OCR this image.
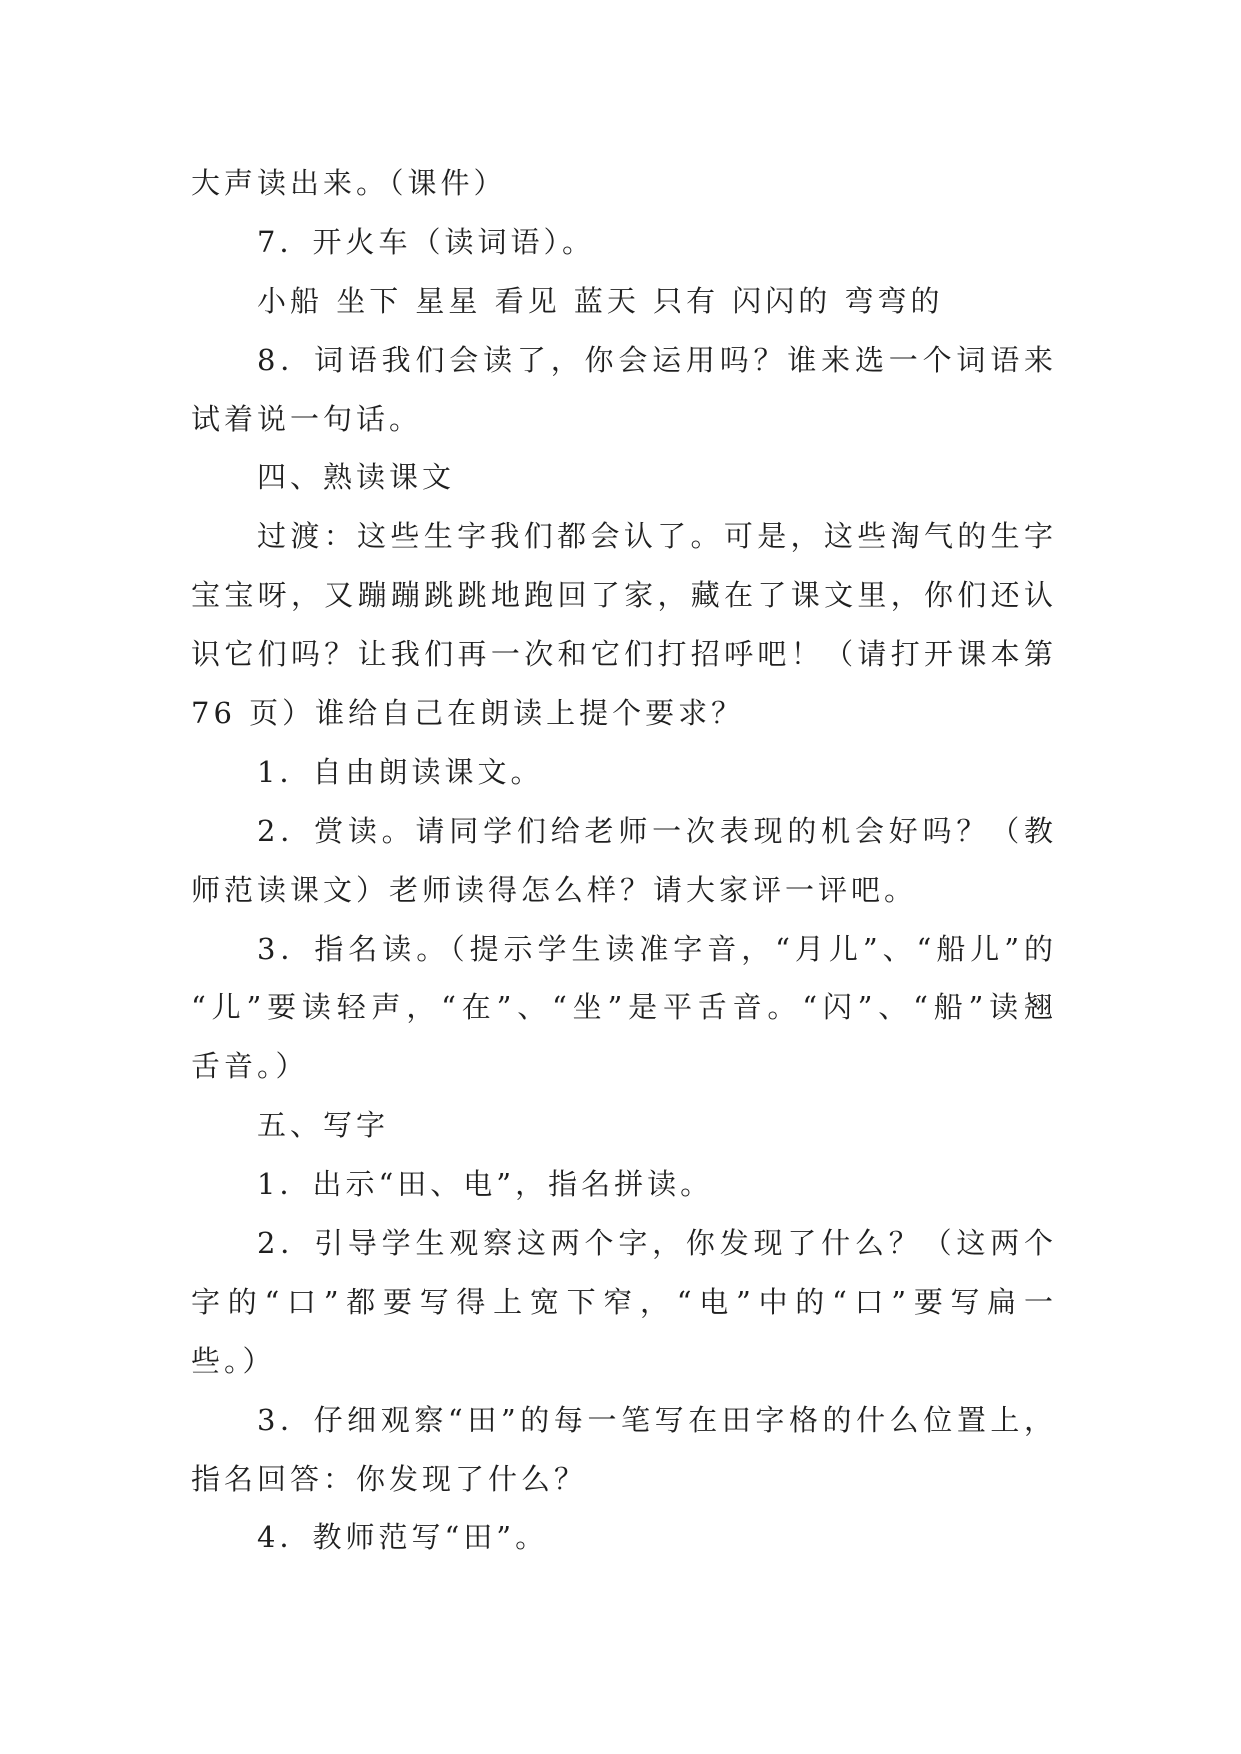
大声读出来。（课件）
7．开火车（读词语）。
小船 坐下 星星 看见 蓝天 只有 闪闪的 弯弯的
8．词语我们会读了，你会运用吗？谁来选一个词语来
试着说一句话。
四、熟读课文
过渡：这些生字我们都会认了。可是，这些淘气的生字
宝宝呀，又蹦蹦跳跳地跑回了家，藏在了课文里，你们还认
识它们吗？让我们再一次和它们打招呼吧！（请打开课本第
76 页）谁给自己在朗读上提个要求？
1．自由朗读课文。
2．赏读。请同学们给老师一次表现的机会好吗？（教
师范读课文）老师读得怎么样？请大家评一评吧。
3．指名读。（提示学生读准字音，“月儿”、“船儿”的
“儿”要读轻声，“在”、“坐”是平舌音。“闪”、“船”读翘
舌音。）
五、写字
1．出示“田、电”，指名拼读。
2．引导学生观察这两个字，你发现了什么？（这两个
字的“口”都要写得上宽下窄，“电”中的“口”要写扁一
些。）
3．仔细观察“田”的每一笔写在田字格的什么位置上，
指名回答：你发现了什么？
4．教师范写“田”。
